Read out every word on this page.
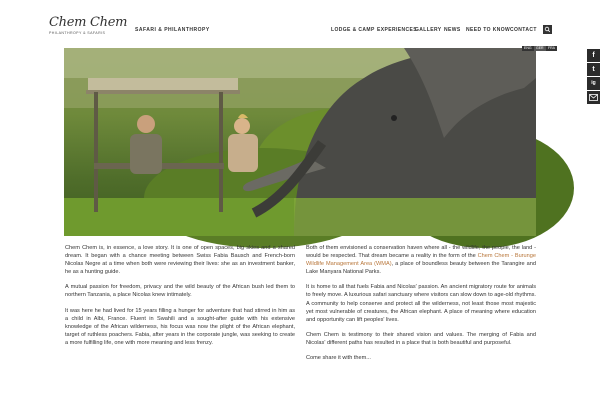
Chem Chem
PHILANTHROPY & SAFARIS	SAFARI & PHILANTHROPY	LODGE & CAMP EXPERIENCES
GALLERY NEWS NEED TO KNOW CONTACT
ENG	GER	FRA
f
t
ig

Chem Chem is, in essence, a love story. It is one of open spaces, big skies and a shared dream. It began with a chance meeting between Swiss Fabia Bausch and French-born Nicolas Negre at a time when both were reviewing their lives: she as an investment banker, he as a hunting guide.

A mutual passion for freedom, privacy and the wild beauty of the African bush led them to northern Tanzania, a place Nicolas knew intimately.

It was here he had lived for 15 years filling a hunger for adventure that had stirred in him as a child in Albi, France. Fluent in Swahili and a sought-after guide with his extensive knowledge of the African wilderness, his focus was now the plight of the African elephant, target of ruthless poachers. Fabia, after years in the corporate jungle, was seeking to create a more fulfilling life, one with more meaning and less frenzy.

Both of them envisioned a conservation haven where all - the wildlife, the people, the land - would be respected. That dream became a reality in the form of the Chem Chem - Burunge Wildlife Management Area (WMA), a place of boundless beauty between the Tarangire and Lake Manyara National Parks.

It is home to all that fuels Fabia and Nicolas' passion. An ancient migratory route for animals to freely move. A luxurious safari sanctuary where visitors can slow down to age-old rhythms. A community to help conserve and protect all the wilderness, not least those most majestic yet most vulnerable of creatures, the African elephant. A place of meaning where education and opportunity can lift peoples' lives.

Chem Chem is testimony to their shared vision and values. The merging of Fabia and Nicolas' different paths has resulted in a place that is both beautiful and purposeful.

Come share it with them...
